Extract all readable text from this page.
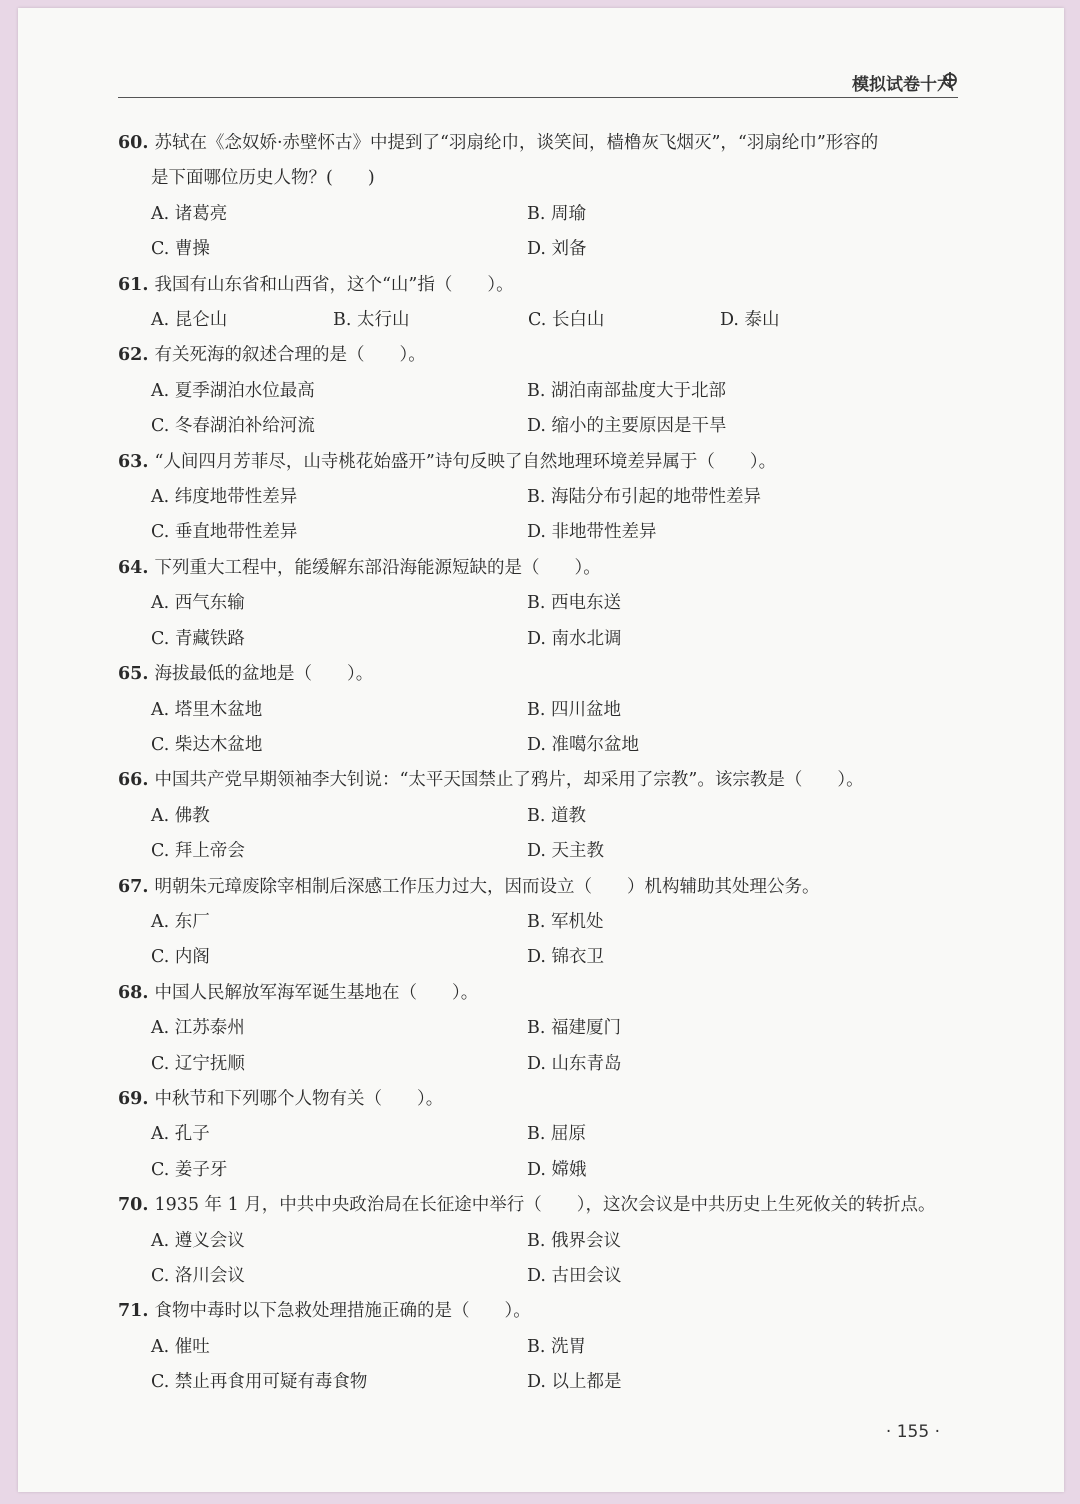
模拟试卷十六

60. 苏轼在《念奴娇·赤壁怀古》中提到了“羽扇纶巾，谈笑间，樯橹灰飞烟灭”，“羽扇纶巾”形容的

是下面哪位历史人物？(　　)

A. 诸葛亮	B. 周瑜
C. 曹操	D. 刘备

61. 我国有山东省和山西省，这个“山”指（　　）。

A. 昆仑山	B. 太行山	C. 长白山	D. 泰山

62. 有关死海的叙述合理的是（　　）。

A. 夏季湖泊水位最高	B. 湖泊南部盐度大于北部
C. 冬春湖泊补给河流	D. 缩小的主要原因是干旱

63. “人间四月芳菲尽，山寺桃花始盛开”诗句反映了自然地理环境差异属于（　　）。

A. 纬度地带性差异	B. 海陆分布引起的地带性差异
C. 垂直地带性差异	D. 非地带性差异

64. 下列重大工程中，能缓解东部沿海能源短缺的是（　　）。

A. 西气东输	B. 西电东送
C. 青藏铁路	D. 南水北调

65. 海拔最低的盆地是（　　）。

A. 塔里木盆地	B. 四川盆地
C. 柴达木盆地	D. 准噶尔盆地

66. 中国共产党早期领袖李大钊说：“太平天国禁止了鸦片，却采用了宗教”。该宗教是（　　）。

A. 佛教	B. 道教
C. 拜上帝会	D. 天主教

67. 明朝朱元璋废除宰相制后深感工作压力过大，因而设立（　　）机构辅助其处理公务。

A. 东厂	B. 军机处
C. 内阁	D. 锦衣卫

68. 中国人民解放军海军诞生基地在（　　）。

A. 江苏泰州	B. 福建厦门
C. 辽宁抚顺	D. 山东青岛

69. 中秋节和下列哪个人物有关（　　）。

A. 孔子	B. 屈原
C. 姜子牙	D. 嫦娥

70. 1935 年 1 月，中共中央政治局在长征途中举行（　　），这次会议是中共历史上生死攸关的转折点。

A. 遵义会议	B. 俄界会议
C. 洛川会议	D. 古田会议

71. 食物中毒时以下急救处理措施正确的是（　　）。

A. 催吐	B. 洗胃
C. 禁止再食用可疑有毒食物	D. 以上都是
· 155 ·
